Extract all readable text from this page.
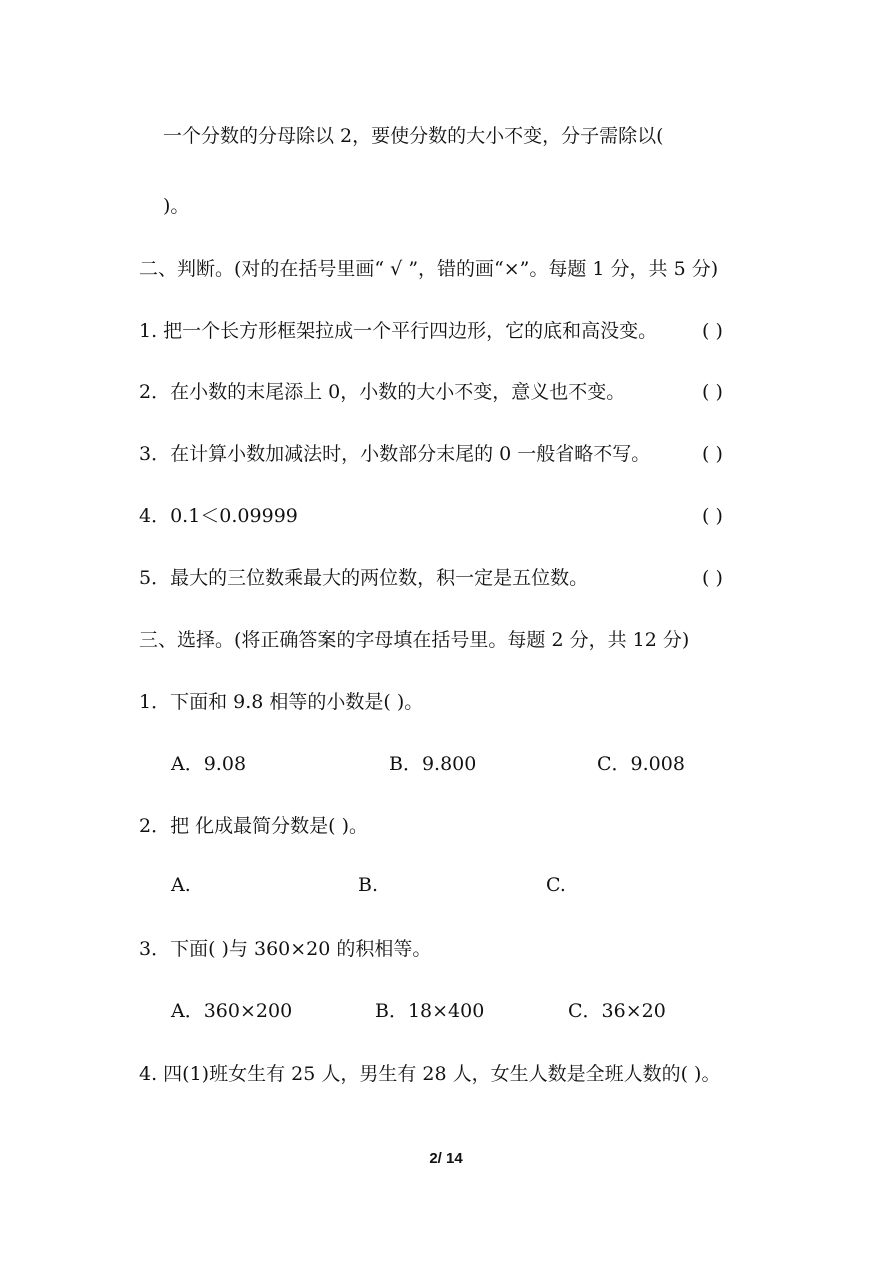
一个分数的分母除以 2，要使分数的大小不变，分子需除以(
)。
二、判断。(对的在括号里画“ √ ”，错的画“×”。每题 1 分，共 5 分)
1. 把一个长方形框架拉成一个平行四边形，它的底和高没变。 ( )
2．在小数的末尾添上 0，小数的大小不变，意义也不变。	( )
3．在计算小数加减法时，小数部分末尾的 0 一般省略不写。	( )
4．0.1＜0.09999	( )
5．最大的三位数乘最大的两位数，积一定是五位数。	( )
三、选择。(将正确答案的字母填在括号里。每题 2 分，共 12 分)
1．下面和 9.8 相等的小数是( )。
A．9.08	B．9.800	C．9.008
2．把 化成最简分数是( )。
A.	B.	C.
3．下面( )与 360×20 的积相等。
A．360×200	B．18×400	C．36×20
4. 四(1)班女生有 25 人，男生有 28 人，女生人数是全班人数的( )。
2/ 14
